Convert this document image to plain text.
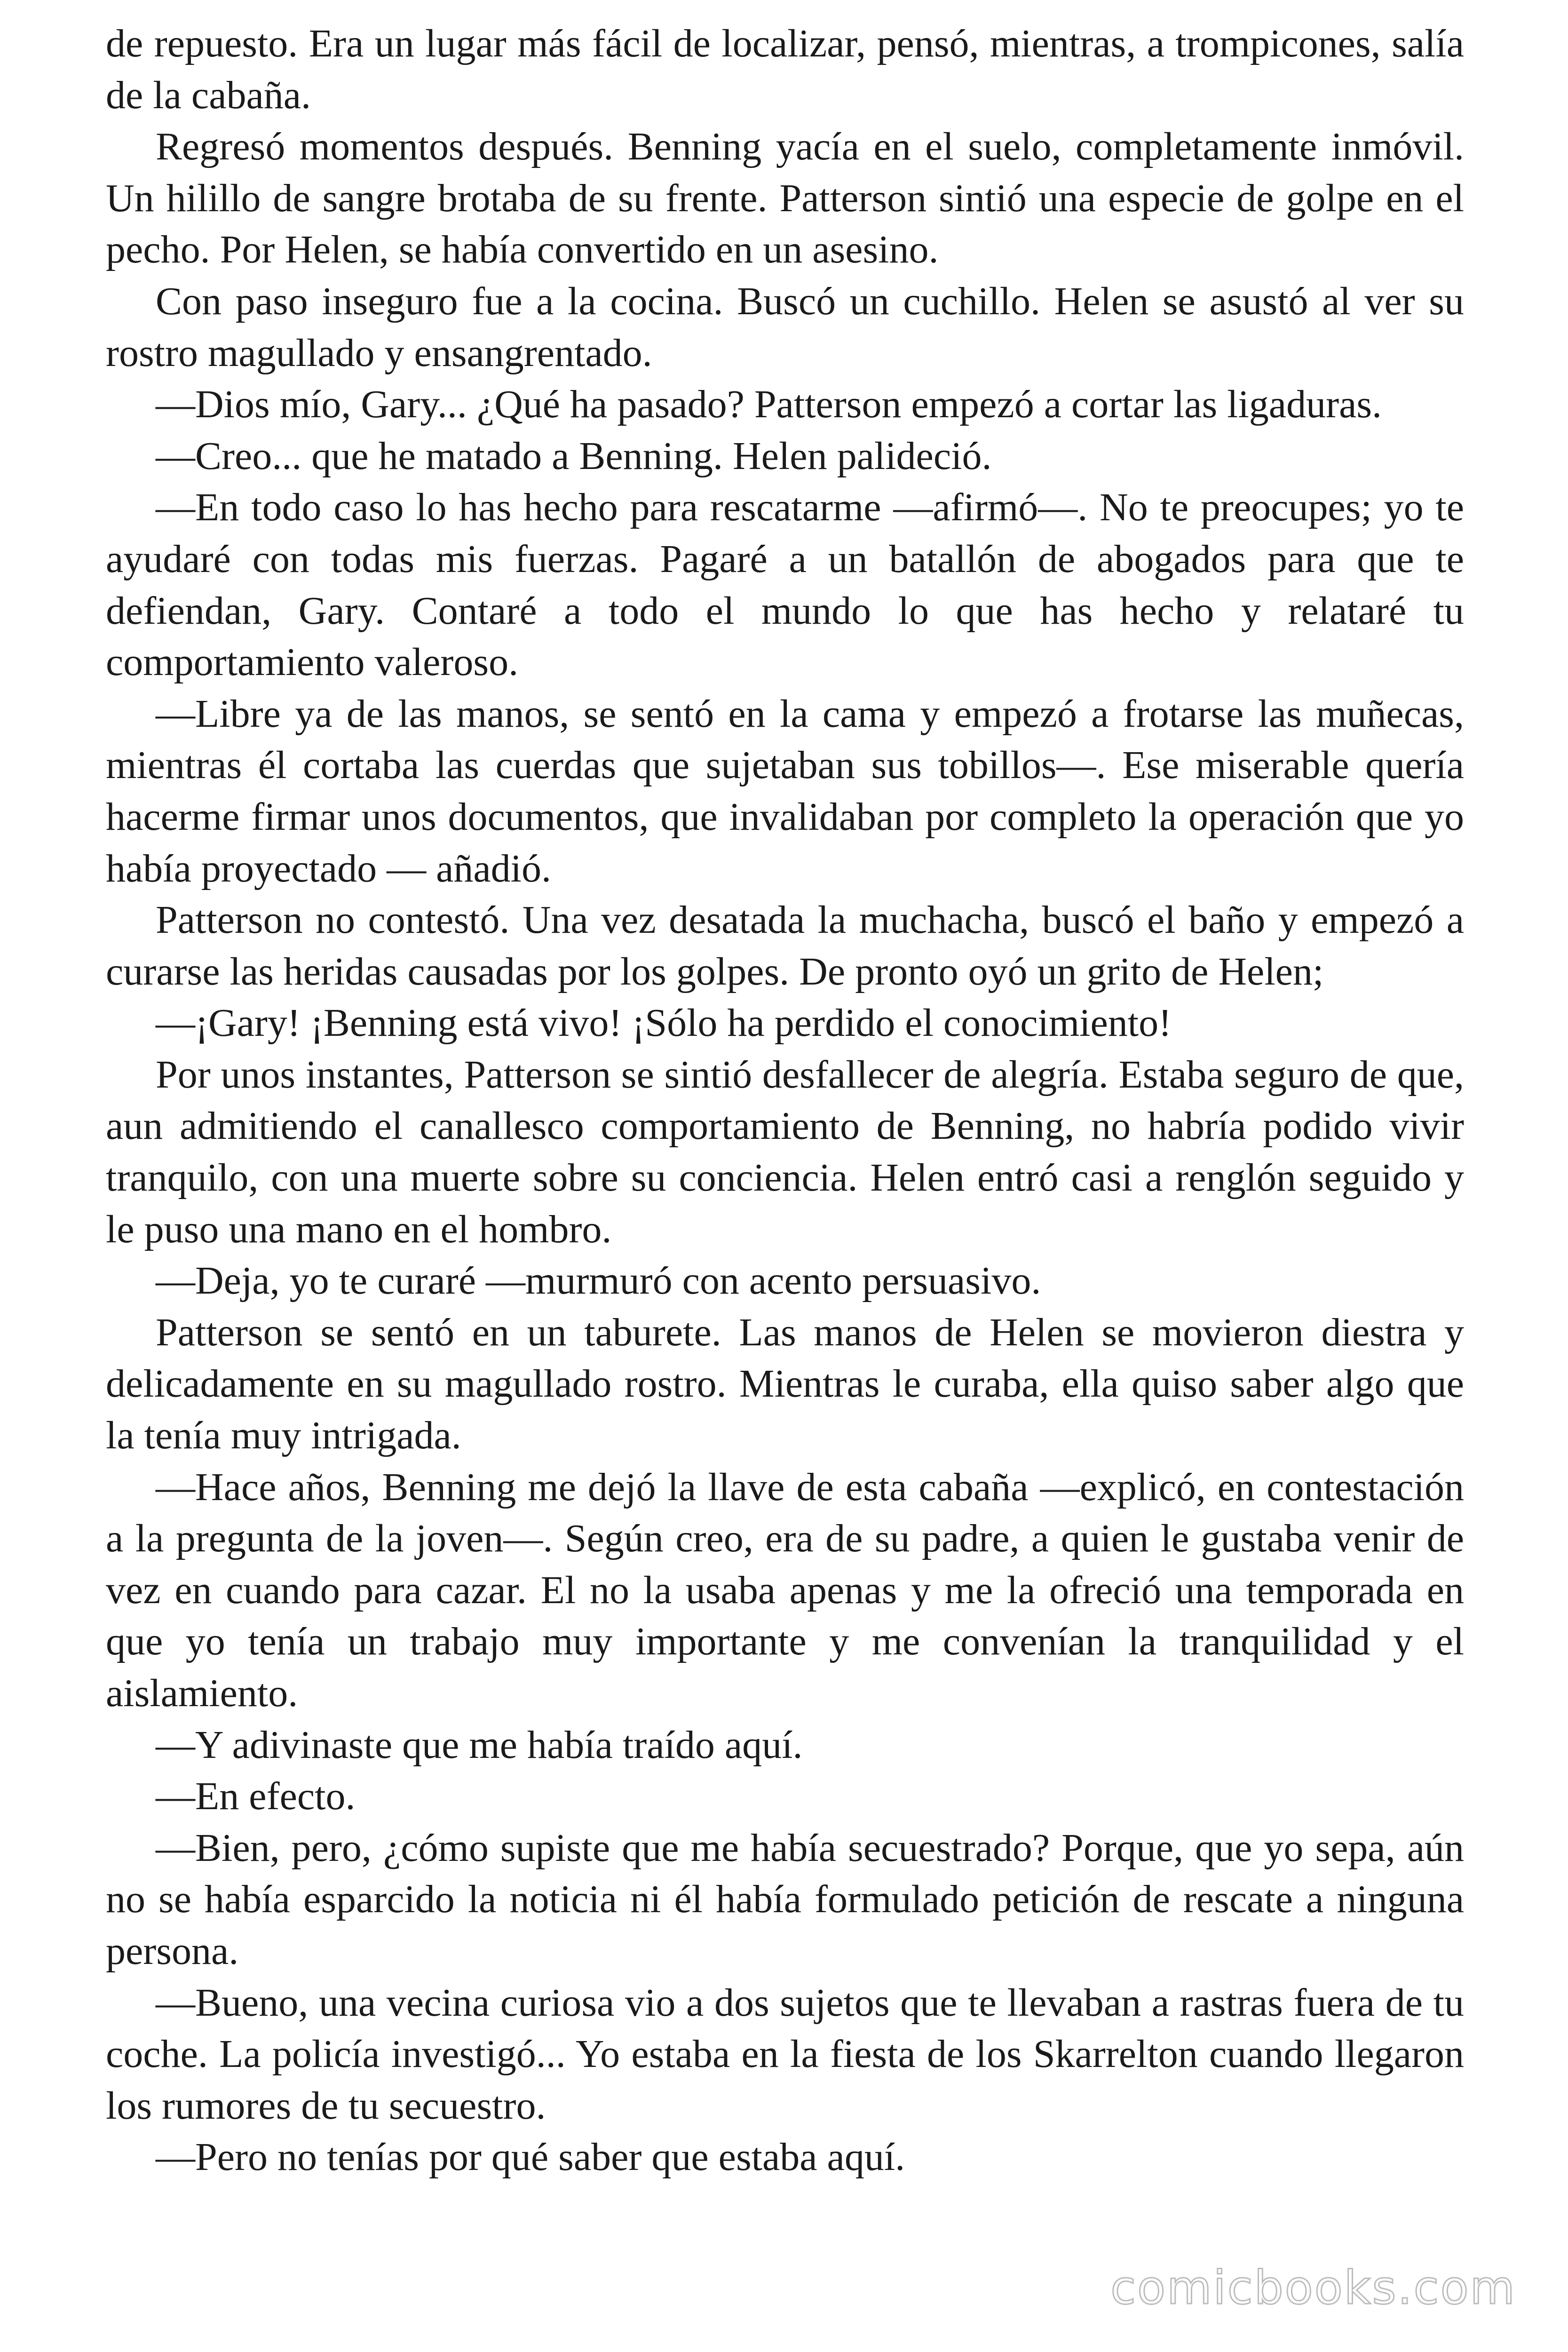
de repuesto. Era un lugar más fácil de localizar, pensó, mientras, a trompicones, salía de la cabaña.

Regresó momentos después. Benning yacía en el suelo, completamente inmóvil. Un hilillo de sangre brotaba de su frente. Patterson sintió una especie de golpe en el pecho. Por Helen, se había convertido en un asesino.

Con paso inseguro fue a la cocina. Buscó un cuchillo. Helen se asustó al ver su rostro magullado y ensangrentado.

—Dios mío, Gary... ¿Qué ha pasado? Patterson empezó a cortar las ligaduras.

—Creo... que he matado a Benning. Helen palideció.

—En todo caso lo has hecho para rescatarme —afirmó—. No te preocupes; yo te ayudaré con todas mis fuerzas. Pagaré a un batallón de abogados para que te defiendan, Gary. Contaré a todo el mundo lo que has hecho y relataré tu comportamiento valeroso.

—Libre ya de las manos, se sentó en la cama y empezó a frotarse las muñecas, mientras él cortaba las cuerdas que sujetaban sus tobillos—. Ese miserable quería hacerme firmar unos documentos, que invalidaban por completo la operación que yo había proyectado — añadió.

Patterson no contestó. Una vez desatada la muchacha, buscó el baño y empezó a curarse las heridas causadas por los golpes. De pronto oyó un grito de Helen;

—¡Gary! ¡Benning está vivo! ¡Sólo ha perdido el conocimiento!

Por unos instantes, Patterson se sintió desfallecer de alegría. Estaba seguro de que, aun admitiendo el canallesco comportamiento de Benning, no habría podido vivir tranquilo, con una muerte sobre su conciencia. Helen entró casi a renglón seguido y le puso una mano en el hombro.

—Deja, yo te curaré —murmuró con acento persuasivo.

Patterson se sentó en un taburete. Las manos de Helen se movieron diestra y delicadamente en su magullado rostro. Mientras le curaba, ella quiso saber algo que la tenía muy intrigada.

—Hace años, Benning me dejó la llave de esta cabaña —explicó, en contestación a la pregunta de la joven—. Según creo, era de su padre, a quien le gustaba venir de vez en cuando para cazar. El no la usaba apenas y me la ofreció una temporada en que yo tenía un trabajo muy importante y me convenían la tranquilidad y el aislamiento.

—Y adivinaste que me había traído aquí.

—En efecto.

—Bien, pero, ¿cómo supiste que me había secuestrado? Porque, que yo sepa, aún no se había esparcido la noticia ni él había formulado petición de rescate a ninguna persona.

—Bueno, una vecina curiosa vio a dos sujetos que te llevaban a rastras fuera de tu coche. La policía investigó... Yo estaba en la fiesta de los Skarrelton cuando llegaron los rumores de tu secuestro.

—Pero no tenías por qué saber que estaba aquí.

comicbooks.com
